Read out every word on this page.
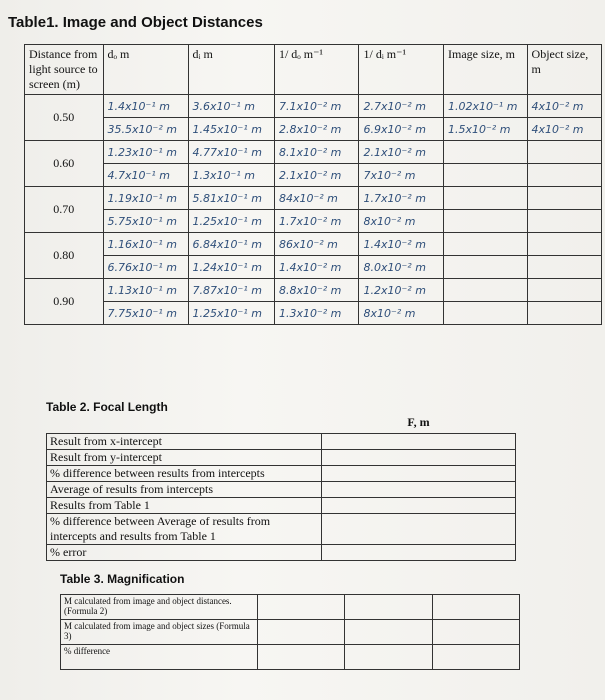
Table1. Image and Object Distances
Distance from light source to screen (m)	dₒ m	dᵢ m	1/ dₒ m⁻¹	1/ dᵢ m⁻¹	Image size, m	Object size, m
0.50	1.4x10⁻¹ m	3.6x10⁻¹ m	7.1x10⁻² m	2.7x10⁻² m	1.02x10⁻¹ m	4x10⁻² m
	35.5x10⁻² m	1.45x10⁻¹ m	2.8x10⁻² m	6.9x10⁻² m	1.5x10⁻² m	4x10⁻² m
0.60	1.23x10⁻¹ m	4.77x10⁻¹ m	8.1x10⁻² m	2.1x10⁻² m		
	4.7x10⁻¹ m	1.3x10⁻¹ m	2.1x10⁻² m	7x10⁻² m		
0.70	1.19x10⁻¹ m	5.81x10⁻¹ m	84x10⁻² m	1.7x10⁻² m		
	5.75x10⁻¹ m	1.25x10⁻¹ m	1.7x10⁻² m	8x10⁻² m		
0.80	1.16x10⁻¹ m	6.84x10⁻¹ m	86x10⁻² m	1.4x10⁻² m		
	6.76x10⁻¹ m	1.24x10⁻¹ m	1.4x10⁻² m	8.0x10⁻² m		
0.90	1.13x10⁻¹ m	7.87x10⁻¹ m	8.8x10⁻² m	1.2x10⁻² m		
	7.75x10⁻¹ m	1.25x10⁻¹ m	1.3x10⁻² m	8x10⁻² m		
Table 2. Focal Length
	F, m
Result from x-intercept	
Result from y-intercept	
% difference between results from intercepts	
Average of results from intercepts	
Results from Table 1	
% difference between Average of results from intercepts and results from Table 1	
% error	
Table 3. Magnification
M calculated from image and object distances. (Formula 2)			
M calculated from image and object sizes (Formula 3)			
% difference			
